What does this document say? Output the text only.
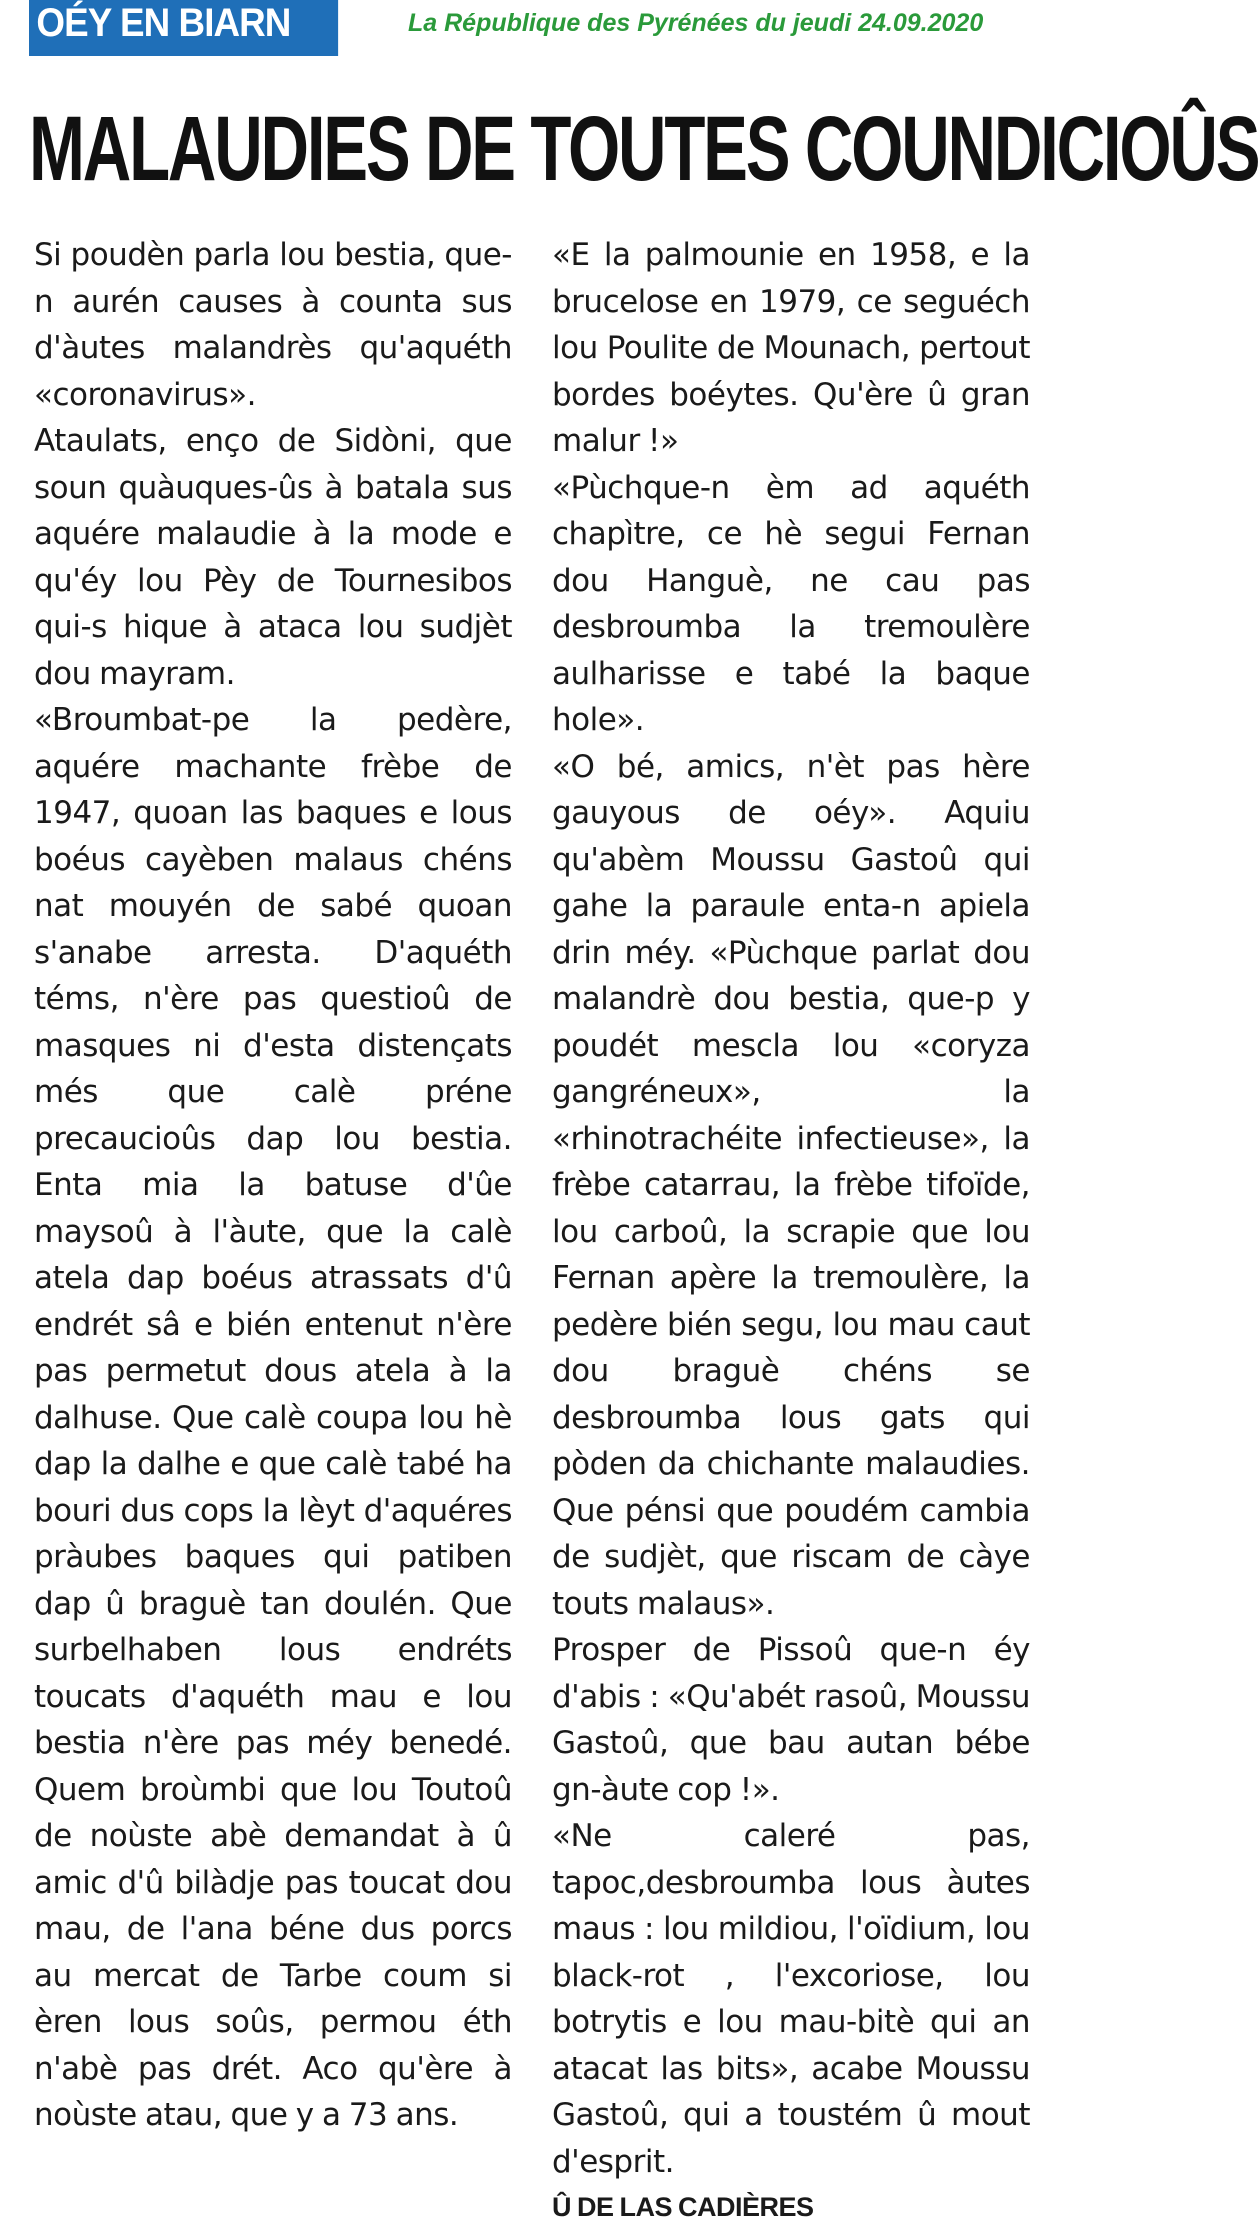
OÉY EN BIARN	La République des Pyrénées du jeudi 24.09.2020
MALAUDIES DE TOUTES COUNDICIOÛS

Si poudèn parla lou bestia, que-n aurén causes à counta sus d'àutes malandrès qu'aquéth «coronavirus».

Ataulats, enço de Sidòni, que soun quàuques-ûs à batala sus aquére malaudie à la mode e qu'éy lou Pèy de Tournesibos qui-s hique à ataca lou sudjèt dou mayram.

«Broumbat-pe la pedère, aquére machante frèbe de 1947, quoan las baques e lous boéus cayèben malaus chéns nat mouyén de sabé quoan s'anabe arresta. D'aquéth téms, n'ère pas questioû de masques ni d'esta distençats més que calè préne precaucioûs dap lou bestia. Enta mia la batuse d'ûe maysoû à l'àute, que la calè atela dap boéus atrassats d'û endrét sâ e bién entenut n'ère pas permetut dous atela à la dalhuse. Que calè coupa lou hè dap la dalhe e que calè tabé ha bouri dus cops la lèyt d'aquéres pràubes baques qui patiben dap û braguè tan doulén. Que surbelhaben lous endréts toucats d'aquéth mau e lou bestia n'ère pas méy benedé. Quem broùmbi que lou Toutoû de noùste abè demandat à û amic d'û bilàdje pas toucat dou mau, de l'ana béne dus porcs au mercat de Tarbe coum si èren lous soûs, permou éth n'abè pas drét. Aco qu'ère à noùste atau, que y a 73 ans.

«E la palmounie en 1958, e la brucelose en 1979, ce seguéch lou Poulite de Mounach, pertout bordes boéytes. Qu'ère û gran malur !»

«Pùchque-n èm ad aquéth chapìtre, ce hè segui Fernan dou Hanguè, ne cau pas desbroumba la tremoulère aulharisse e tabé la baque hole».

«O bé, amics, n'èt pas hère gauyous de oéy». Aquiu qu'abèm Moussu Gastoû qui gahe la paraule enta-n apiela drin méy. «Pùchque parlat dou malandrè dou bestia, que-p y poudét mescla lou «coryza gangréneux», la «rhinotrachéite infectieuse», la frèbe catarrau, la frèbe tifoïde, lou carboû, la scrapie que lou Fernan apère la tremoulère, la pedère bién segu, lou mau caut dou braguè chéns se desbroumba lous gats qui pòden da chichante malaudies. Que pénsi que poudém cambia de sudjèt, que riscam de càye touts malaus».

Prosper de Pissoû que-n éy d'abis : «Qu'abét rasoû, Moussu Gastoû, que bau autan bébe gn-àute cop !».

«Ne caleré pas, tapoc,desbroumba lous àutes maus : lou mildiou, l'oïdium, lou black-rot , l'excoriose, lou botrytis e lou mau-bitè qui an atacat las bits», acabe Moussu Gastoû, qui a toustém û mout d'esprit.

Û DE LAS CADIÈRES
